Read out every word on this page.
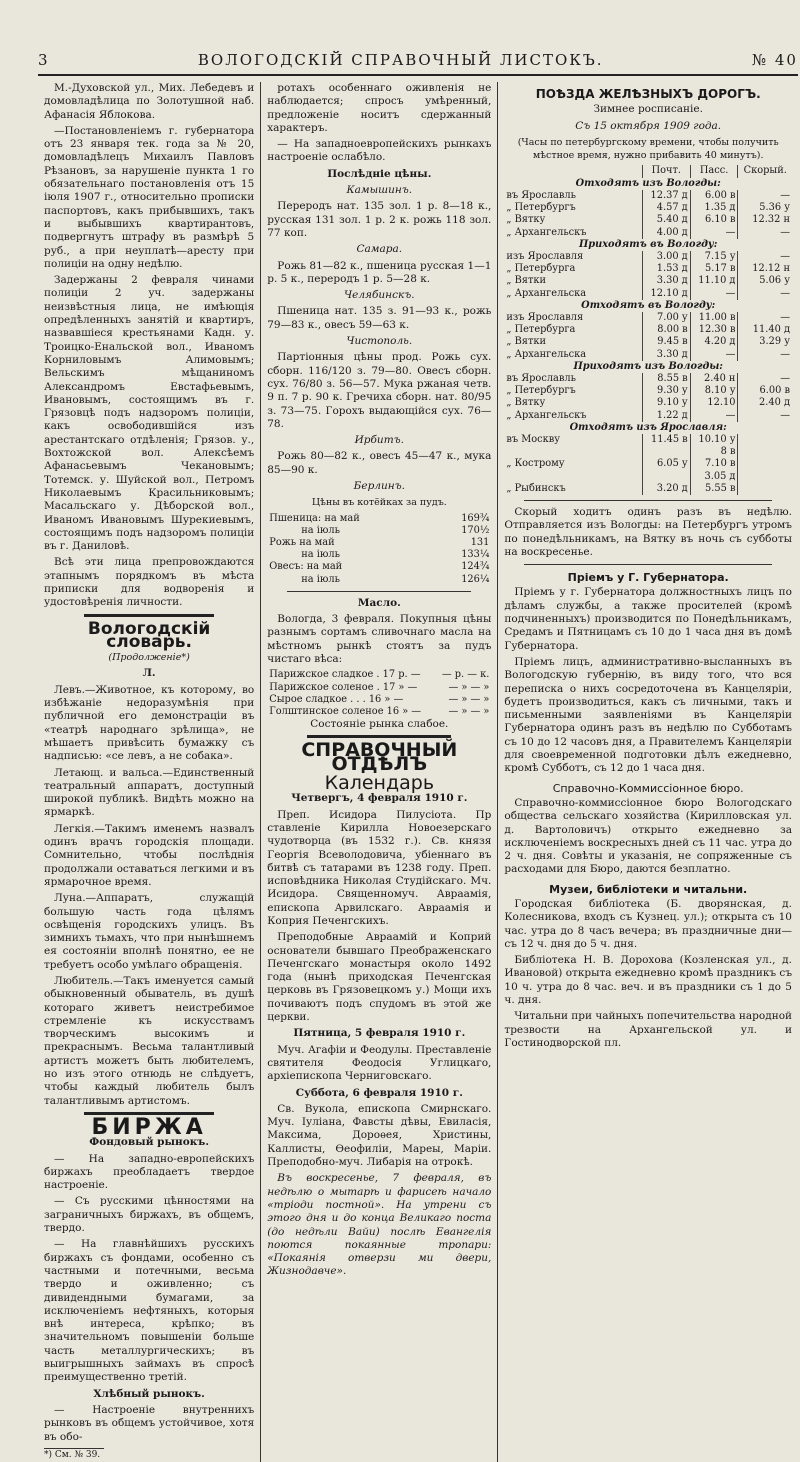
3	ВОЛОГОДСКІЙ СПРАВОЧНЫЙ ЛИСТОКЪ.	№ 40

М.-Духовской ул., Мих. Лебедевъ и домовладѣлица по Золотушной наб. Афанасія Яблокова.

—Постановленіемъ г. губернатора отъ 23 января тек. года за № 20, домовладѣлецъ Михаилъ Павловъ Рѣзановъ, за нарушеніе пункта 1 го обязательнаго постановленія отъ 15 іюля 1907 г., относительно прописки паспортовъ, какъ прибывшихъ, такъ и выбывшихъ квартирантовъ, подвергнутъ штрафу въ размѣрѣ 5 руб., а при неуплатѣ—аресту при полиціи на одну недѣлю.

Задержаны 2 февраля чинами полиціи 2 уч. задержаны неизвѣстныя лица, не имѣющія опредѣленныхъ занятій и квартиръ, назвавшіеся крестьянами Кадн. у. Троицко-Енальской вол., Иваномъ Корниловымъ Алимовымъ; Вельскимъ мѣщаниномъ Александромъ Евстафьевымъ, Ивановымъ, состоящимъ въ г. Грязовцѣ подъ надзоромъ полиціи, какъ освободившійся изъ арестантскаго отдѣленія; Грязов. у., Вохтожской вол. Алексѣемъ Афанасьевымъ Чекановымъ; Тотемск. у. Шуйской вол., Петромъ Николаевымъ Красильниковымъ; Масальскаго у. Дѣборской вол., Иваномъ Ивановымъ Шурекиевымъ, состоящимъ подъ надзоромъ полиціи въ г. Даниловѣ.

Всѣ эти лица препровождаются этапнымъ порядкомъ въ мѣста приписки для водворенія и удостовѣренія личности.

Вологодскій словарь.

(Продолженіе*)

Л.

Левъ.—Животное, къ которому, во избѣжаніе недоразумѣнія при публичной его демонстраціи въ «театрѣ народнаго зрѣлища», не мѣшаетъ привѣсить бумажку съ надписью: «се левъ, а не собака».

Летающ. и вальса.—Единственный театральный аппаратъ, доступный широкой публикѣ. Видѣть можно на ярмаркѣ.

Легкія.—Такимъ именемъ назвалъ одинъ врачъ городскія площади. Сомнительно, чтобы послѣднія продолжали оставаться легкими и въ ярмарочное время.

Луна.—Аппаратъ, служащій большую часть года цѣлямъ освѣщенія городскихъ улицъ. Въ зимнихъ тьмахъ, что при нынѣшнемъ ея состояніи вполнѣ понятно, ее не требуетъ особо умѣлаго обращенія.

Любитель.—Такъ именуется самый обыкновенный обыватель, въ душѣ котораго живетъ неистребимое стремленіе къ искусствамъ творческимъ высокимъ и прекраснымъ. Весьма талантливый артистъ можетъ быть любителемъ, но изъ этого отнюдь не слѣдуетъ, чтобы каждый любитель былъ талантливымъ артистомъ.

БИРЖА

Фондовый рынокъ.

— На западно-европейскихъ биржахъ преобладаетъ твердое настроеніе.

— Съ русскими цѣнностями на заграничныхъ биржахъ, въ общемъ, твердо.

— На главнѣйшихъ русскихъ биржахъ съ фондами, особенно съ частными и потечными, весьма твердо и оживленно; съ дивидендными бумагами, за исключеніемъ нефтяныхъ, которыя внѣ интереса, крѣпко; въ значительномъ повышеніи больше часть металлургическихъ; въ выигрышныхъ займахъ въ спросѣ преимущественно третій.

Хлѣбный рынокъ.

— Настроеніе внутреннихъ рынковъ въ общемъ устойчивое, хотя въ обо-

*) См. № 39.

ротахъ особеннаго оживленія не наблюдается; спросъ умѣренный, предложеніе носитъ сдержанный характеръ.

— На западноевропейскихъ рынкахъ настроеніе ослабѣло.

Послѣдніе цѣны.

Камышинъ.

Переродъ нат. 135 зол. 1 р. 8—18 к., русская 131 зол. 1 р. 2 к. рожь 118 зол. 77 коп.

Самара.

Рожь 81—82 к., пшеница русская 1—1 р. 5 к., переродъ 1 р. 5—28 к.

Челябинскъ.

Пшеница нат. 135 з. 91—93 к., рожь 79—83 к., овесъ 59—63 к.

Чистополь.

Партіонныя цѣны прод. Рожь сух. сборн. 116/120 з. 79—80. Овесъ сборн. сух. 76/80 з. 56—57. Мука ржаная четв. 9 п. 7 р. 90 к. Гречиха сборн. нат. 80/95 з. 73—75. Горохъ выдающійся сух. 76—78.

Ирбитъ.

Рожь 80—82 к., овесъ 45—47 к., мука 85—90 к.

Берлинъ.

Цѣны въ котёйках за пудъ.

Пшеница: на май	169¾
на іюль	170½
Рожь на май	131
на іюль	133¼
Овесъ: на май	124¾
на іюль	126¼

Масло.

Вологда, 3 февраля. Покупныя цѣны разнымъ сортамъ сливочнаго масла на мѣстномъ рынкѣ стоятъ за пудъ чистаго вѣса:

Парижское сладкое . 17 р. —	— р. — к.
Парижское соленое . 17 » —	— » — »
Сырое сладкое . . . 16 » —	— » — »
Голштинское соленое 16 » —	— » — »

Состояніе рынка слабое.

СПРАВОЧНЫЙ ОТДѢЛЪ
Календарь

Четвергъ, 4 февраля 1910 г.

Преп. Исидора Пилусіота. Пр ставленіе Кирилла Новоезерскаго чудотворца (въ 1532 г.). Св. князя Георгія Всеволодовича, убіеннаго въ битвѣ съ татарами въ 1238 году. Преп. исповѣдника Николая Студійскаго. Мч. Исидора. Священномуч. Авраамія, епископа Арвилскаго. Авраамія и Коприя Печенгскихъ.

Преподобные Авраамій и Коприй основатели бывшаго Преображенскаго Печенгскаго монастыря около 1492 года (нынѣ приходская Печенгская церковь въ Грязовецкомъ у.) Мощи ихъ почиваютъ подъ спудомъ въ этой же церкви.

Пятница, 5 февраля 1910 г.

Муч. Агафіи и Феодулы. Преставленіе святителя Феодосія Углицкаго, архіепископа Черниговскаго.

Суббота, 6 февраля 1910 г.

Св. Вукола, епископа Смирнскаго. Муч. Іуліана, Фавсты дѣвы, Евиласія, Максима, Дороѳея, Христины, Каллисты, Ѳеофиліи, Мареы, Маріи. Преподобно-муч. Либарія на отрокѣ.

Въ воскресенье, 7 февраля, въ недѣлю о мытарѣ и фарисеѣ начало «тріоди постной». На утрени съ этого дня и до конца Великаго поста (до недѣли Вайи) послѣ Евангелія поются покаянные тропари: «Покаянія отверзи ми двери, Жизнодавче».

ПОѢЗДА ЖЕЛѢЗНЫХЪ ДОРОГЪ.

Зимнее росписаніе.

Съ 15 октября 1909 года.

(Часы по петербургскому времени, чтобы получить мѣстное время, нужно прибавить 40 минутъ).

	Почт.	Пасс.	Скорый.
Отходятъ изъ Вологды:			
въ Ярославль	12.37 д	6.00 в	—
„ Петербургъ	4.57 д	1.35 д	5.36 у
„ Вятку	5.40 д	6.10 в	12.32 н
„ Архангельскъ	4.00 д	—	—
Приходятъ въ Вологду:			
изъ Ярославля	3.00 д	7.15 у	—
„ Петербурга	1.53 д	5.17 в	12.12 н
„ Вятки	3.30 д	11.10 д	5.06 у
„ Архангельска	12.10 д	—	—
Отходятъ въ Вологду:			
изъ Ярославля	7.00 у	11.00 в	—
„ Петербурга	8.00 в	12.30 в	11.40 д
„ Вятки	9.45 в	4.20 д	3.29 у
„ Архангельска	3.30 д	—	—
Приходятъ изъ Вологды:			
въ Ярославль	8.55 в	2.40 н	—
„ Петербургъ	9.30 у	8.10 у	6.00 в
„ Вятку	9.10 у	12.10	2.40 д
„ Архангельскъ	1.22 д	—	—
Отходятъ изъ Ярославля:			
въ Москву	11.45 в	10.10 у	
		8 в	
„ Кострому	6.05 у	7.10 в	
		3.05 д	
„ Рыбинскъ	3.20 д	5.55 в	

Скорый ходитъ одинъ разъ въ недѣлю. Отправляется изъ Вологды: на Петербургъ утромъ по понедѣльникамъ, на Вятку въ ночь съ субботы на воскресенье.

Пріемъ у Г. Губернатора.

Пріемъ у г. Губернатора должностныхъ лицъ по дѣламъ службы, а также просителей (кромѣ подчиненныхъ) производится по Понедѣльникамъ, Средамъ и Пятницамъ съ 10 до 1 часа дня въ домѣ Губернатора.

Пріемъ лицъ, административно-высланныхъ въ Вологодскую губернію, въ виду того, что вся переписка о нихъ сосредоточена въ Канцеляріи, будетъ производиться, какъ съ личными, такъ и письменными заявленіями въ Канцеляріи Губернатора одинъ разъ въ недѣлю по Субботамъ съ 10 до 12 часовъ дня, а Правителемъ Канцеляріи для своевременной подготовки дѣлъ ежедневно, кромѣ Субботъ, съ 12 до 1 часа дня.

Справочно-Коммиссіонное бюро.

Справочно-коммиссіонное бюро Вологодскаго общества сельскаго хозяйства (Кирилловская ул. д. Вартоловичъ) открыто ежедневно за исключеніемъ воскресныхъ дней съ 11 час. утра до 2 ч. дня. Совѣты и указанія, не сопряженные съ расходами для Бюро, даются безплатно.

Музеи, библіотеки и читальни.

Городская библіотека (Б. дворянская, д. Колесникова, входъ съ Кузнец. ул.); открыта съ 10 час. утра до 8 часъ вечера; въ праздничные дни—съ 12 ч. дня до 5 ч. дня.

Библіотека Н. В. Дорохова (Козленская ул., д. Ивановой) открыта ежедневно кромѣ праздникъ съ 10 ч. утра до 8 час. веч. и въ праздники съ 1 до 5 ч. дня.

Читальни при чайныхъ попечительства народной трезвости на Архангельской ул. и Гостинодворской пл.
